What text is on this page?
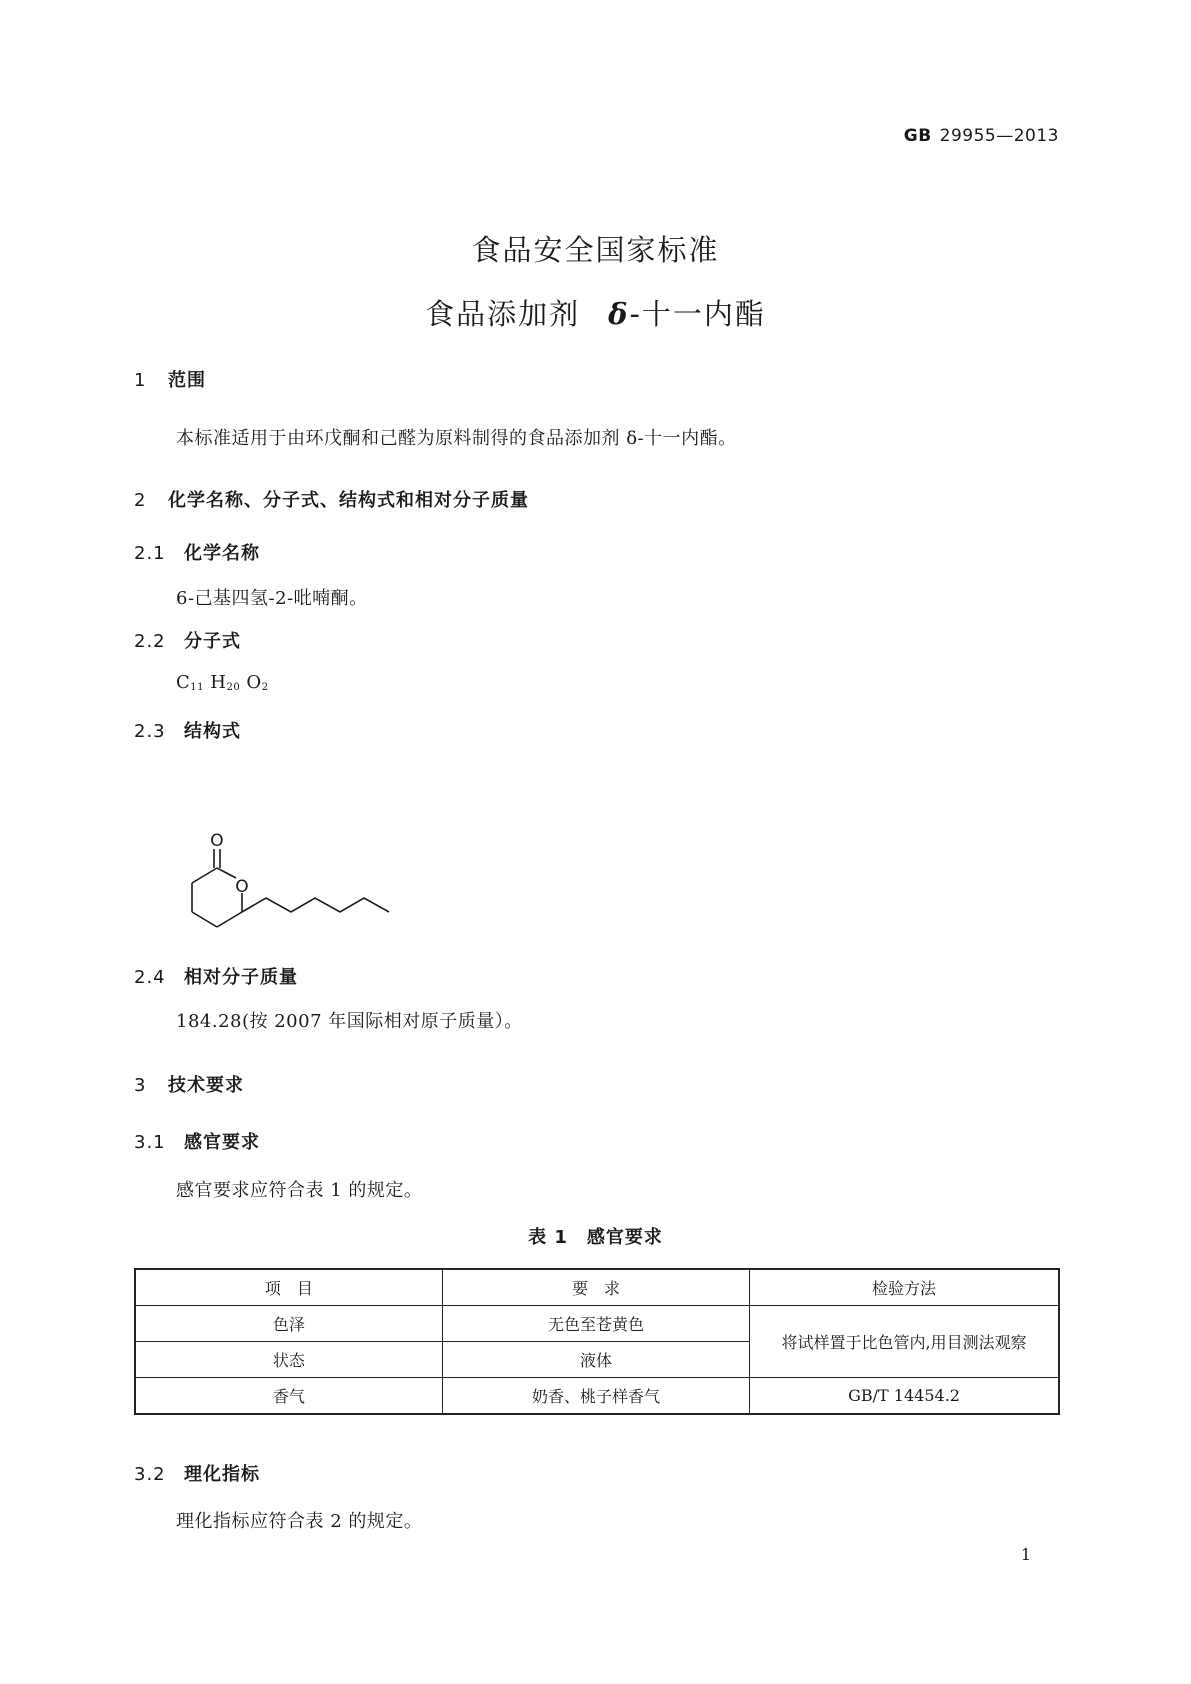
GB 29955—2013
食品安全国家标准
食品添加剂 δ-十一内酯
1 范围
本标准适用于由环戊酮和己醛为原料制得的食品添加剂 δ-十一内酯。
2 化学名称、分子式、结构式和相对分子质量
2.1 化学名称
6-己基四氢-2-吡喃酮。
2.2 分子式
$C_{11}$ $H_{20}$ $O_2$
2.3 结构式
O
O
2.4 相对分子质量
184.28(按 2007 年国际相对原子质量）。
3 技术要求
3.1 感官要求
感官要求应符合表 1 的规定。
表 1　感官要求
项　目	要　求	检验方法
色泽	无色至苍黄色	将试样置于比色管内,用目测法观察
状态	液体	
香气	奶香、桃子样香气	GB/T 14454.2
3.2 理化指标
理化指标应符合表 2 的规定。
1
